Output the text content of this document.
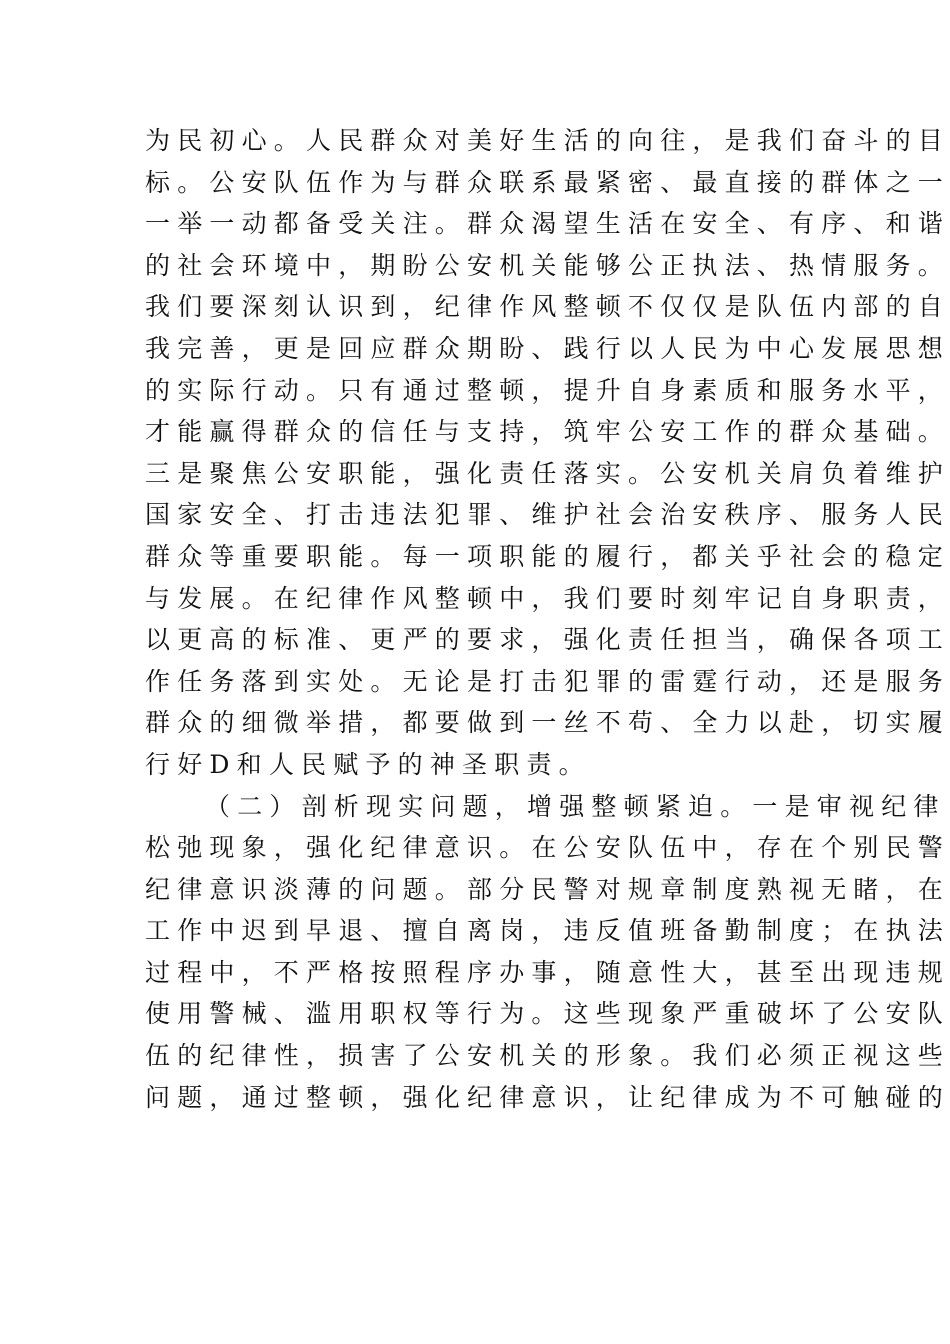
为民初心。人民群众对美好生活的向往，是我们奋斗的目
标。公安队伍作为与群众联系最紧密、最直接的群体之一
一举一动都备受关注。群众渴望生活在安全、有序、和谐
的社会环境中，期盼公安机关能够公正执法、热情服务。
我们要深刻认识到，纪律作风整顿不仅仅是队伍内部的自
我完善，更是回应群众期盼、践行以人民为中心发展思想
的实际行动。只有通过整顿，提升自身素质和服务水平，
才能赢得群众的信任与支持，筑牢公安工作的群众基础。
三是聚焦公安职能，强化责任落实。公安机关肩负着维护
国家安全、打击违法犯罪、维护社会治安秩序、服务人民
群众等重要职能。每一项职能的履行，都关乎社会的稳定
与发展。在纪律作风整顿中，我们要时刻牢记自身职责，
以更高的标准、更严的要求，强化责任担当，确保各项工
作任务落到实处。无论是打击犯罪的雷霆行动，还是服务
群众的细微举措，都要做到一丝不苟、全力以赴，切实履
行好D和人民赋予的神圣职责。
（二）剖析现实问题，增强整顿紧迫。一是审视纪律
松弛现象，强化纪律意识。在公安队伍中，存在个别民警
纪律意识淡薄的问题。部分民警对规章制度熟视无睹，在
工作中迟到早退、擅自离岗，违反值班备勤制度；在执法
过程中，不严格按照程序办事，随意性大，甚至出现违规
使用警械、滥用职权等行为。这些现象严重破坏了公安队
伍的纪律性，损害了公安机关的形象。我们必须正视这些
问题，通过整顿，强化纪律意识，让纪律成为不可触碰的
